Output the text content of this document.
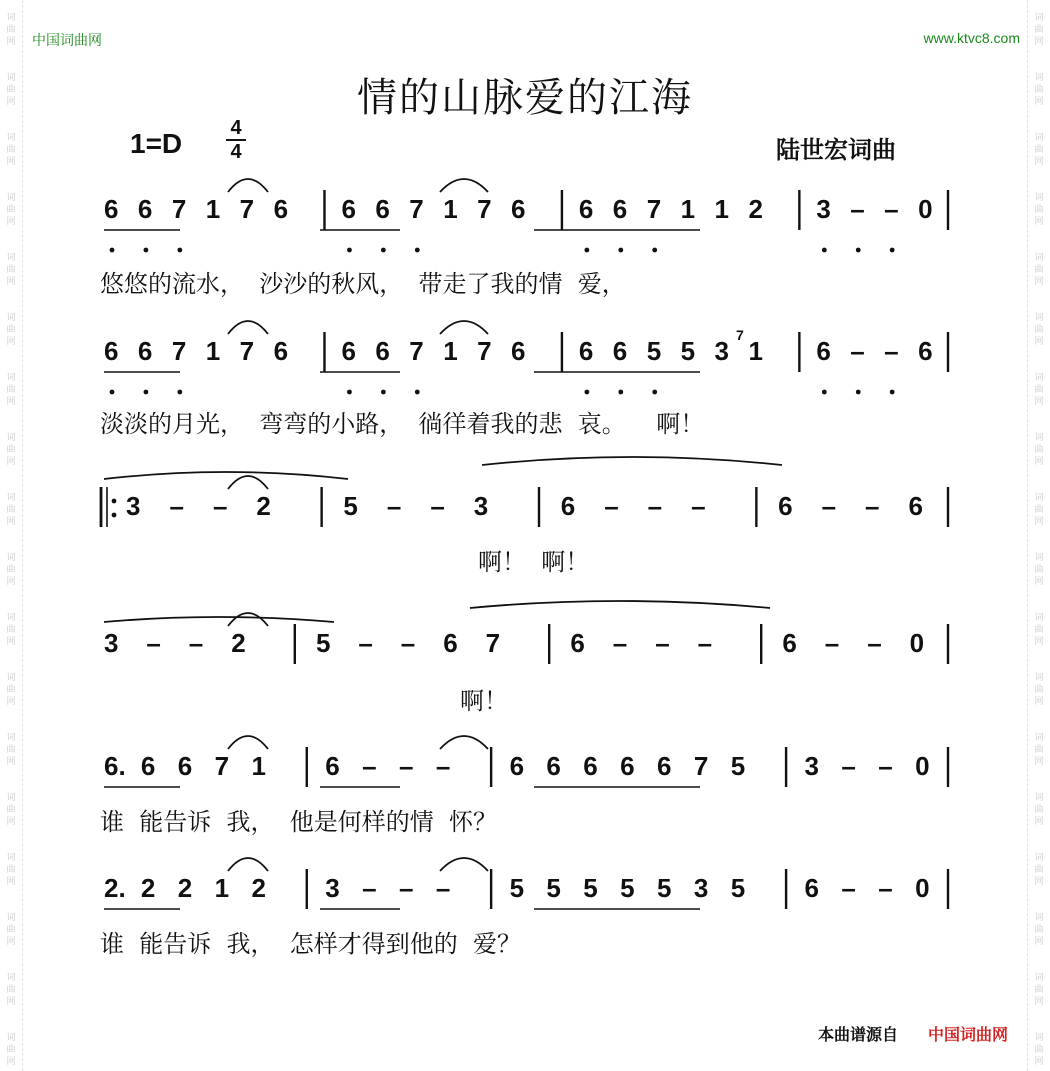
词
曲
网
词
曲
网
词
曲
网
词
曲
网
词
曲
网
词
曲
网
词
曲
网
词
曲
网
词
曲
网
词
曲
网
词
曲
网
词
曲
网
词
曲
网
词
曲
网
词
曲
网
词
曲
网
词
曲
网
词
曲
网
词
曲
网
词
曲
网
词
曲
网
词
曲
网
词
曲
网
词
曲
网
词
曲
网
词
曲
网
词
曲
网
词
曲
网
词
曲
网
词
曲
网
词
曲
网
词
曲
网
词
曲
网
词
曲
网
词
曲
网
词
曲
网
中国词曲网	www.ktvc8.com
情的山脉爱的江海
1=D	4
4	陆世宏词曲
6 6 7 1 7 6 6 6 7 1 7 6 6 6 7 1 1 2 3 – – 0
悠悠的流水，  沙沙的秋风，  带走了我的情  爱，
6 6 7 1 7 6 6 6 7 1 7 6 6 6 5 5 3 1 6 – – 6
淡淡的月光，  弯弯的小路，  徜徉着我的悲  哀。    啊！
3 – – 2	5 – – 3	6 – – –	6 – – 6
啊！  啊！
3 – – 2	5 – – 6 7	6 – – –	6 – – 0
啊！
6. 6 6 7 1 6 – – – 6 6 6 6 6 7 5 3 – – 0
谁  能告诉  我，  他是何样的情  怀？
2. 2 2 1 2 3 – – – 5 5 5 5 5 3 5 6 – – 0
谁  能告诉  我，  怎样才得到他的  爱？
7
本曲谱源自 中国词曲网
